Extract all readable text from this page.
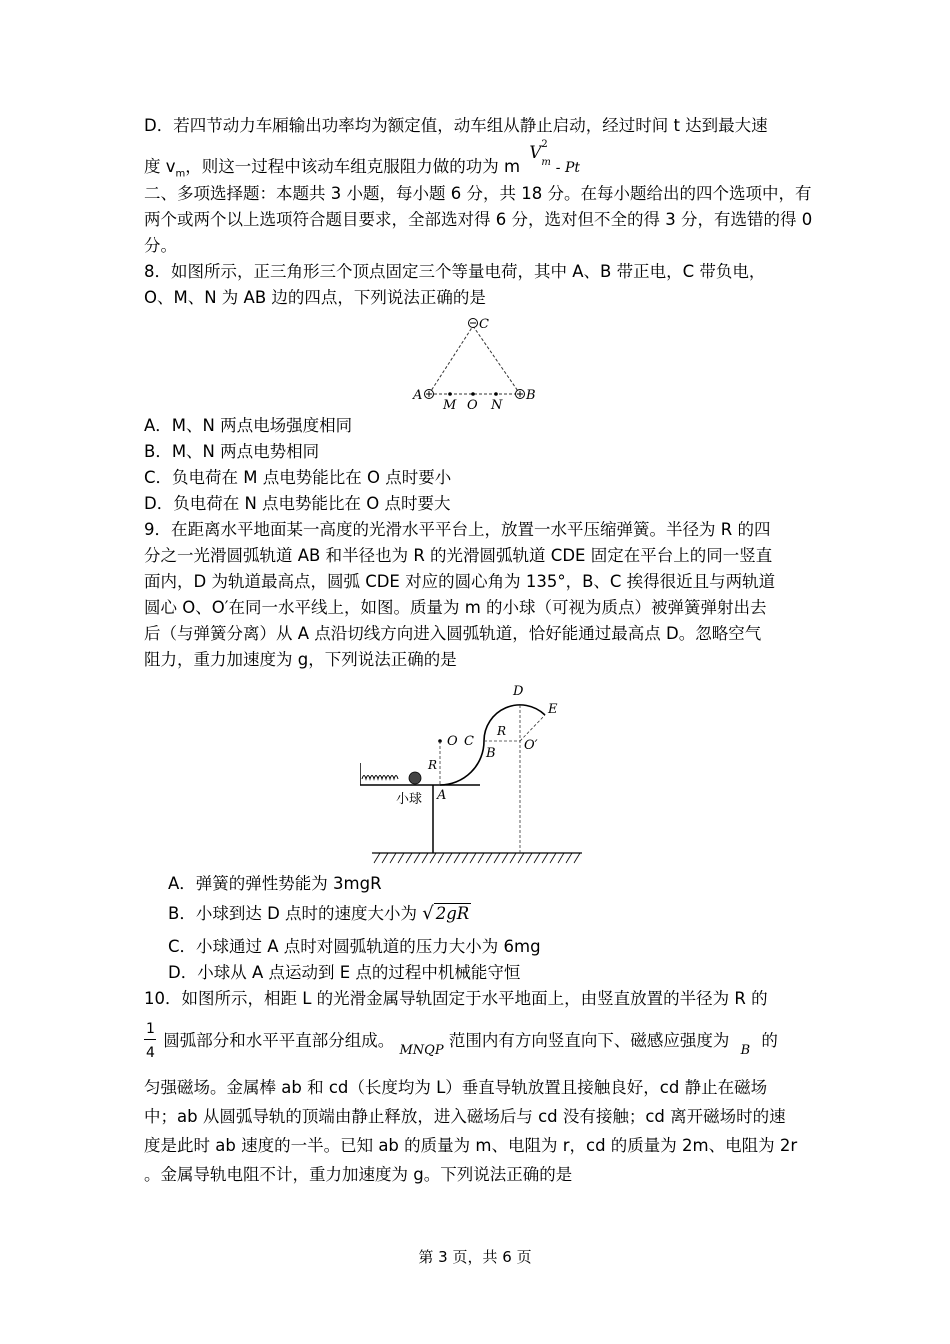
D．若四节动力车厢输出功率均为额定值，动车组从静止启动，经过时间 t 达到最大速
度 $v_m$，则这一过程中该动车组克服阻力做的功为 m
V 2
m - Pt
二、多项选择题：本题共 3 小题，每小题 6 分，共 18 分。在每小题给出的四个选项中，有
两个或两个以上选项符合题目要求，全部选对得 6 分，选对但不全的得 3 分，有选错的得 0
分。
8．如图所示，正三角形三个顶点固定三个等量电荷，其中 A、B 带正电，C 带负电，
O、M、N 为 AB 边的四点，下列说法正确的是
C
A	B
M O N
A．M、N 两点电场强度相同
B．M、N 两点电势相同
C．负电荷在 M 点电势能比在 O 点时要小
D．负电荷在 N 点电势能比在 O 点时要大
9．在距离水平地面某一高度的光滑水平平台上，放置一水平压缩弹簧。半径为 R 的四
分之一光滑圆弧轨道 AB 和半径也为 R 的光滑圆弧轨道 CDE 固定在平台上的同一竖直
面内，D 为轨道最高点，圆弧 CDE 对应的圆心角为 135°，B、C 挨得很近且与两轨道
圆心 O、O′在同一水平线上，如图。质量为 m 的小球（可视为质点）被弹簧弹射出去
后（与弹簧分离）从 A 点沿切线方向进入圆弧轨道，恰好能通过最高点 D。忽略空气
阻力，重力加速度为 g，下列说法正确的是
D
E
O C
B
R
O′
R
A
小球
A．弹簧的弹性势能为 3mgR
B．小球到达 D 点时的速度大小为 √ 2gR
C．小球通过 A 点时对圆弧轨道的压力大小为 6mg
D．小球从 A 点运动到 E 点的过程中机械能守恒
10．如图所示，相距 L 的光滑金属导轨固定于水平地面上，由竖直放置的半径为 R 的
$\frac{1}{4}$ 圆弧部分和水平平直部分组成。 $_{MNQP}$ 范围内有方向竖直向下、磁感应强度为 $_B$ 的
匀强磁场。金属棒 ab 和 cd（长度均为 L）垂直导轨放置且接触良好，cd 静止在磁场
中；ab 从圆弧导轨的顶端由静止释放，进入磁场后与 cd 没有接触；cd 离开磁场时的速
度是此时 ab 速度的一半。已知 ab 的质量为 m、电阻为 r，cd 的质量为 2m、电阻为 2r
。金属导轨电阻不计，重力加速度为 g。下列说法正确的是
第 3 页，共 6 页
